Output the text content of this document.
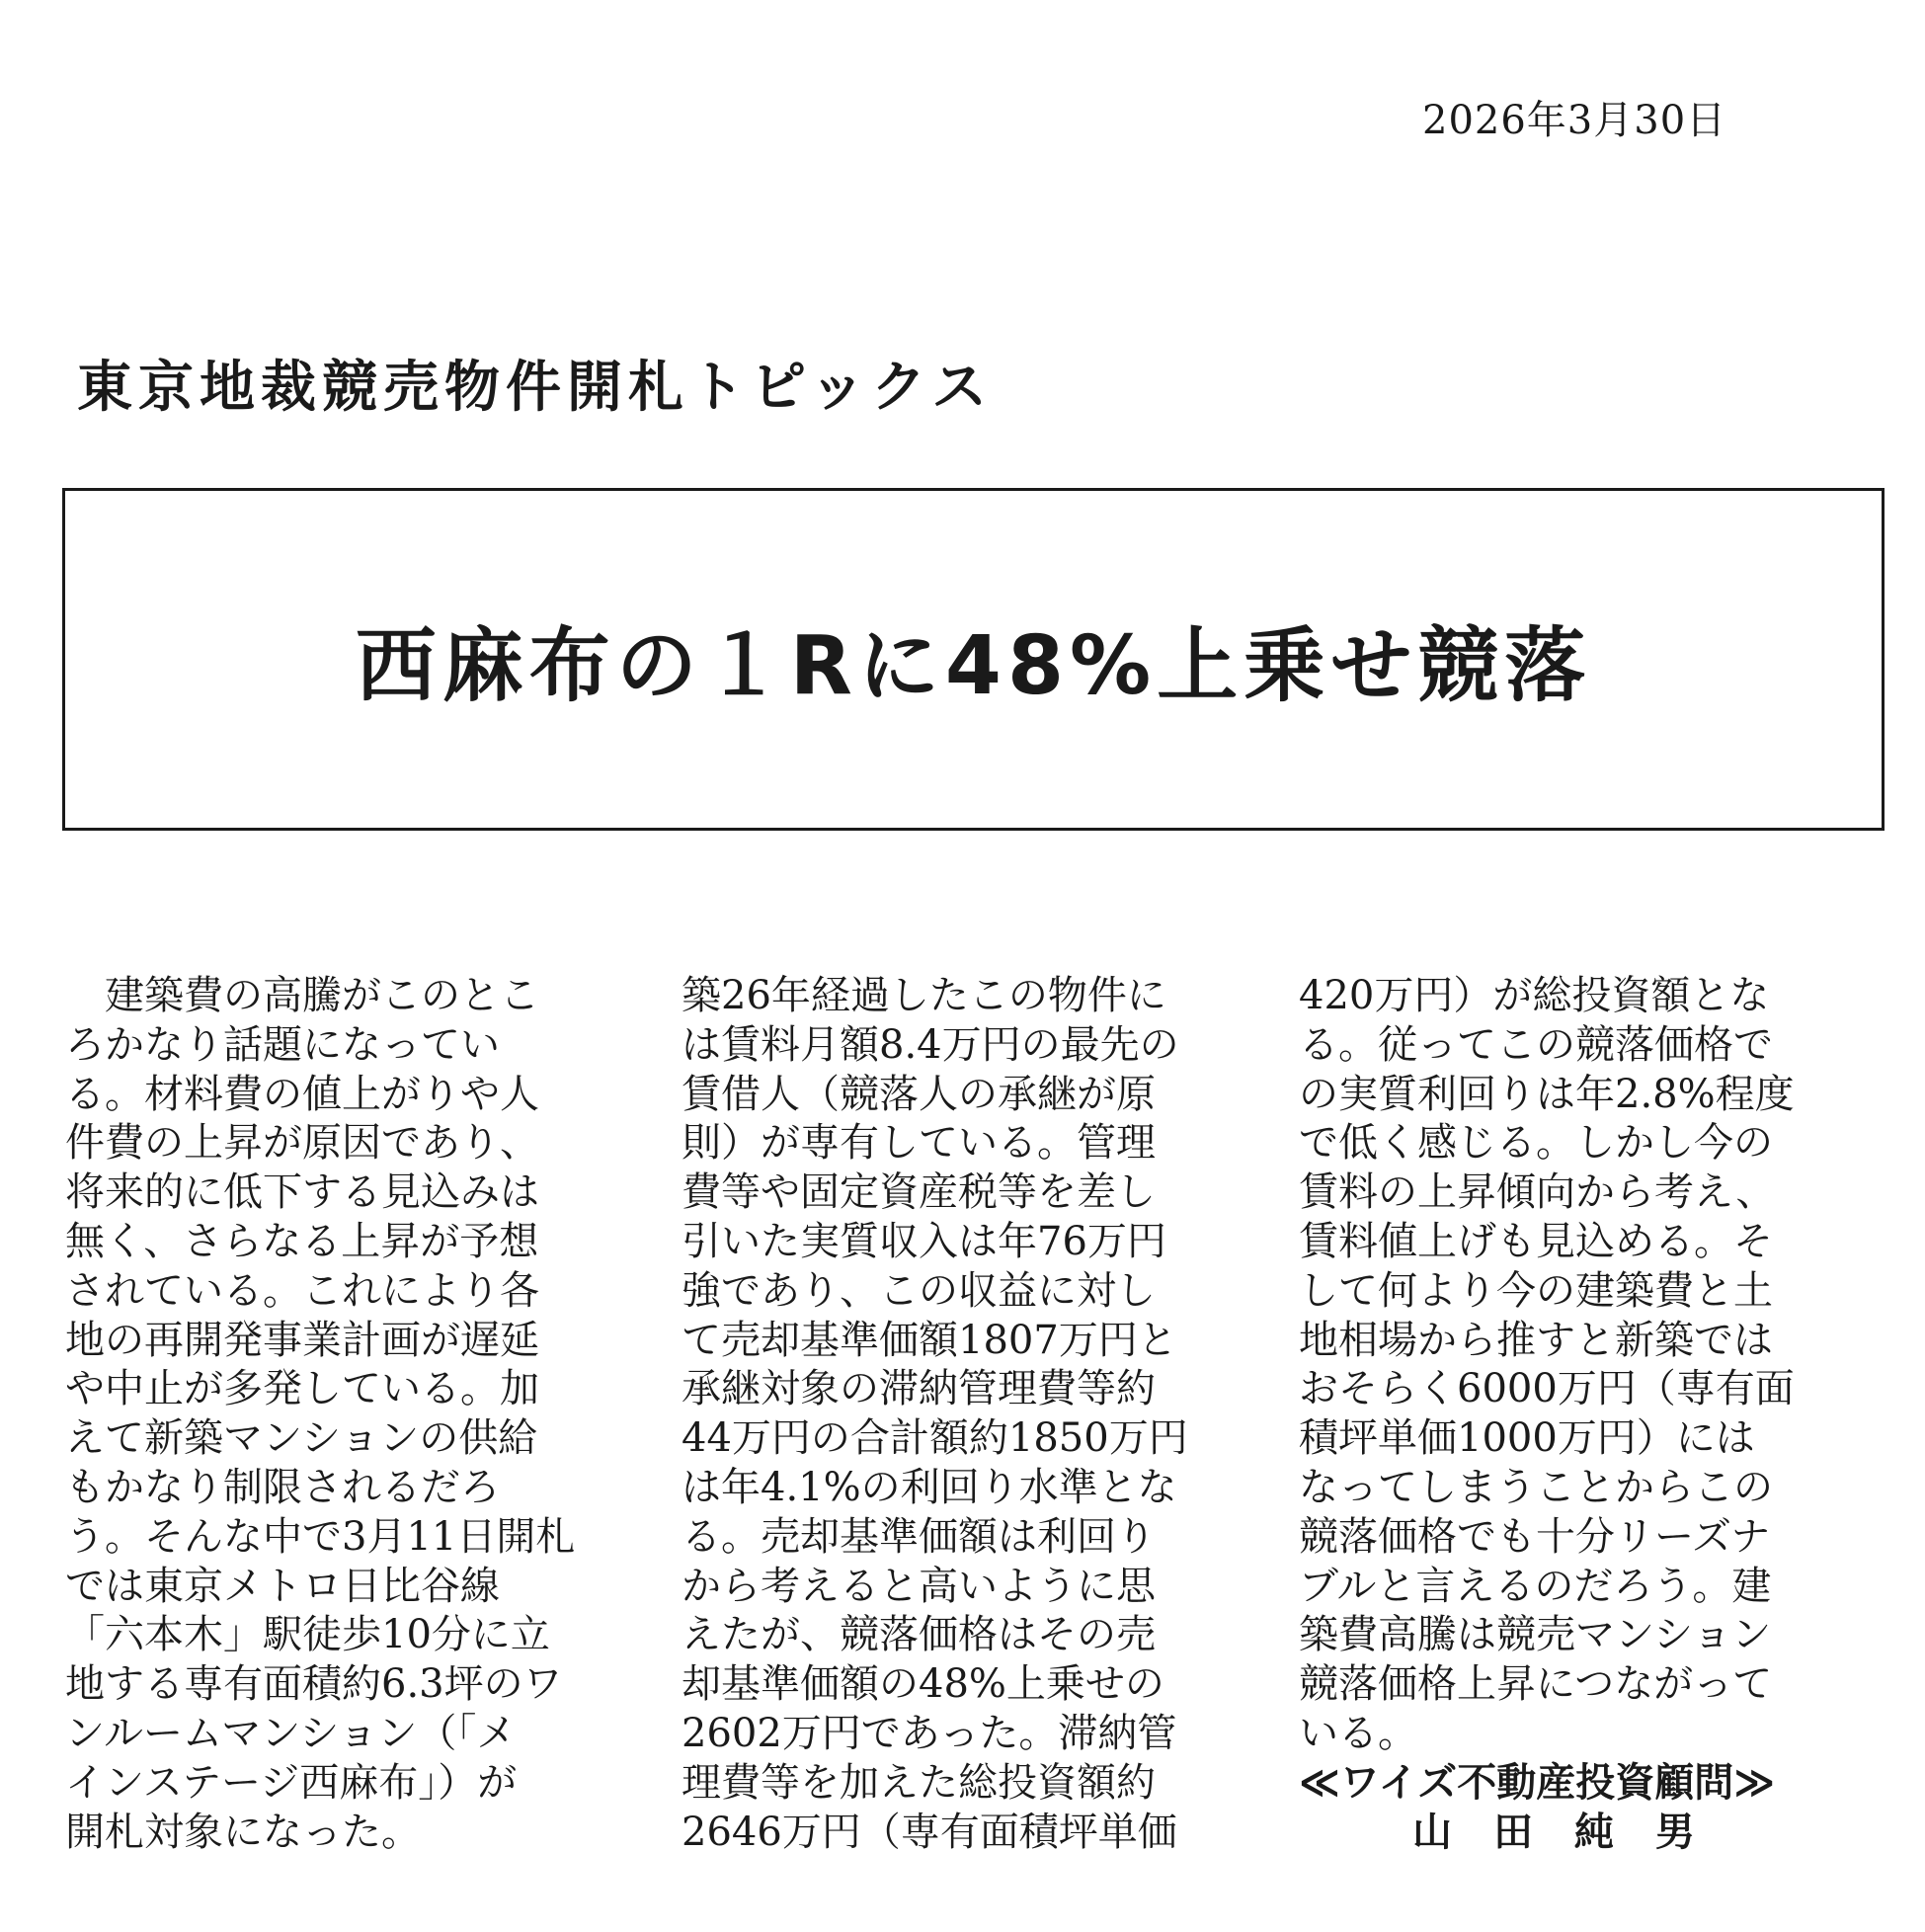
2026年3月30日
東京地裁競売物件開札トピックス
西麻布の１Rに48%上乗せ競落
　建築費の高騰がこのとこ
ろかなり話題になってい
る。材料費の値上がりや人
件費の上昇が原因であり、
将来的に低下する見込みは
無く、さらなる上昇が予想
されている。これにより各
地の再開発事業計画が遅延
や中止が多発している。加
えて新築マンションの供給
もかなり制限されるだろ
う。そんな中で3月11日開札
では東京メトロ日比谷線
「六本木」駅徒歩10分に立
地する専有面積約6.3坪のワ
ンルームマンション（「メ
インステージ西麻布」）が
開札対象になった。
築26年経過したこの物件に
は賃料月額8.4万円の最先の
賃借人（競落人の承継が原
則）が専有している。管理
費等や固定資産税等を差し
引いた実質収入は年76万円
強であり、この収益に対し
て売却基準価額1807万円と
承継対象の滞納管理費等約
44万円の合計額約1850万円
は年4.1%の利回り水準とな
る。売却基準価額は利回り
から考えると高いように思
えたが、競落価格はその売
却基準価額の48%上乗せの
2602万円であった。滞納管
理費等を加えた総投資額約
2646万円（専有面積坪単価
420万円）が総投資額とな
る。従ってこの競落価格で
の実質利回りは年2.8%程度
で低く感じる。しかし今の
賃料の上昇傾向から考え、
賃料値上げも見込める。そ
して何より今の建築費と土
地相場から推すと新築では
おそらく6000万円（専有面
積坪単価1000万円）には
なってしまうことからこの
競落価格でも十分リーズナ
ブルと言えるのだろう。建
築費高騰は競売マンション
競落価格上昇につながって
いる。
≪ワイズ不動産投資顧問≫
山田純男
